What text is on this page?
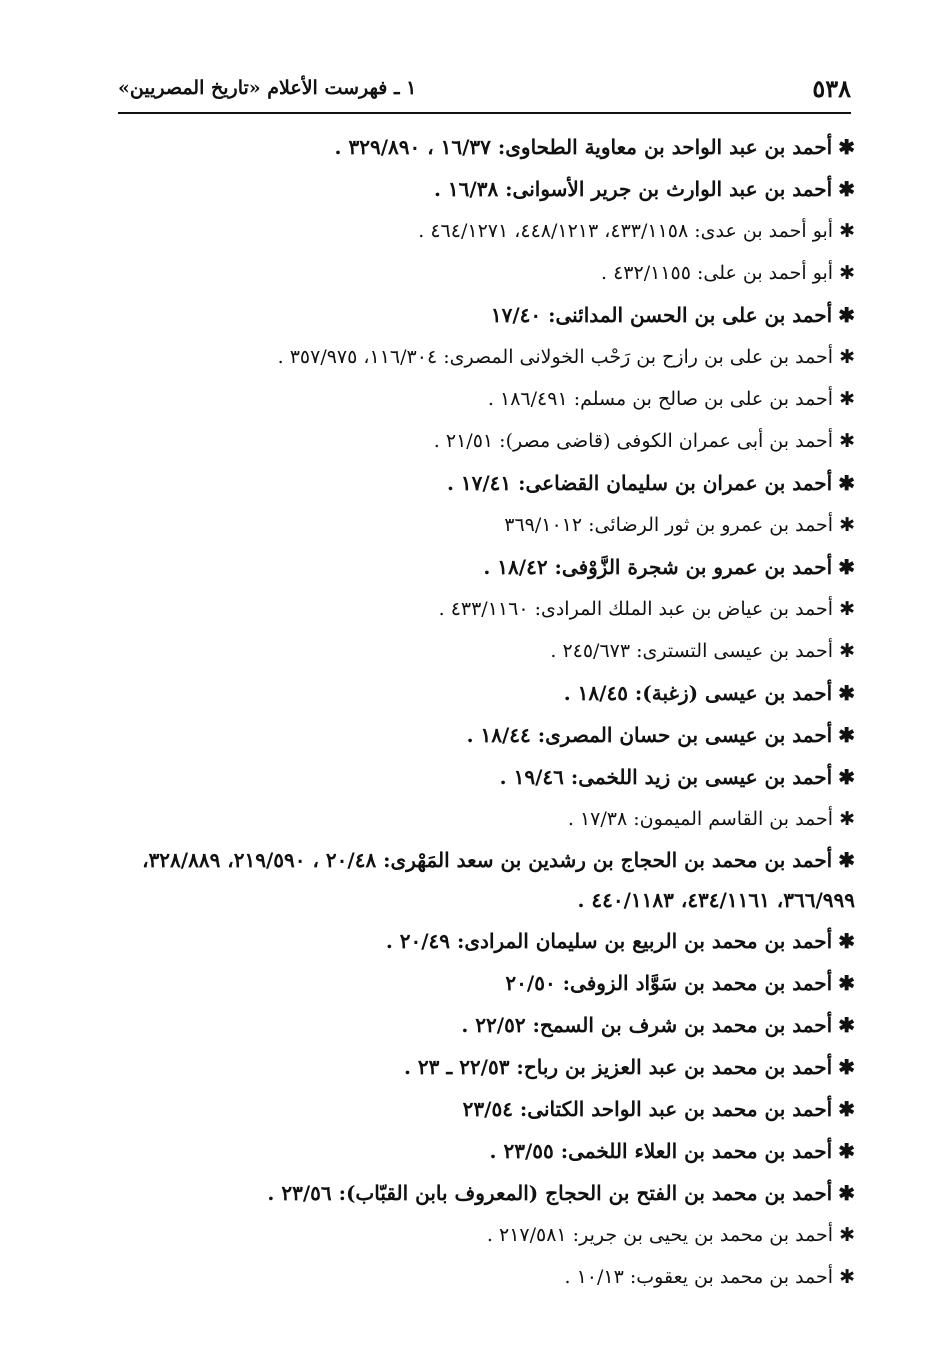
٥٣٨
١ ـ فهرست الأعلام «تاريخ المصريين»
✱أحمد بن عبد الواحد بن معاوية الطحاوى: ١٦/٣٧ ، ٣٢٩/٨٩٠ .
✱أحمد بن عبد الوارث بن جرير الأسوانى: ١٦/٣٨ .
✱أبو أحمد بن عدى: ٤٣٣/١١٥٨، ٤٤٨/١٢١٣، ٤٦٤/١٢٧١ .
✱أبو أحمد بن على: ٤٣٢/١١٥٥ .
✱أحمد بن على بن الحسن المدائنى: ١٧/٤٠
✱أحمد بن على بن رازح بن رَحْب الخولانى المصرى: ١١٦/٣٠٤، ٣٥٧/٩٧٥ .
✱أحمد بن على بن صالح بن مسلم: ١٨٦/٤٩١ .
✱أحمد بن أبى عمران الكوفى (قاضى مصر): ٢١/٥١ .
✱أحمد بن عمران بن سليمان القضاعى: ١٧/٤١ .
✱أحمد بن عمرو بن ثور الرضائى: ٣٦٩/١٠١٢
✱أحمد بن عمرو بن شجرة الزَّوْفى: ١٨/٤٢ .
✱أحمد بن عياض بن عبد الملك المرادى: ٤٣٣/١١٦٠ .
✱أحمد بن عيسى التسترى: ٢٤٥/٦٧٣ .
✱أحمد بن عيسى (زغبة): ١٨/٤٥ .
✱أحمد بن عيسى بن حسان المصرى: ١٨/٤٤ .
✱أحمد بن عيسى بن زيد اللخمى: ١٩/٤٦ .
✱أحمد بن القاسم الميمون: ١٧/٣٨ .
✱أحمد بن محمد بن الحجاج بن رشدين بن سعد المَهْرى: ٢٠/٤٨ ، ٢١٩/٥٩٠، ٣٢٨/٨٨٩، ٣٦٦/٩٩٩، ٤٣٤/١١٦١، ٤٤٠/١١٨٣ .
✱أحمد بن محمد بن الربيع بن سليمان المرادى: ٢٠/٤٩ .
✱أحمد بن محمد بن سَوَّاد الزوفى: ٢٠/٥٠
✱أحمد بن محمد بن شرف بن السمح: ٢٢/٥٢ .
✱أحمد بن محمد بن عبد العزيز بن رباح: ٢٢/٥٣ ـ ٢٣ .
✱أحمد بن محمد بن عبد الواحد الكتانى: ٢٣/٥٤
✱أحمد بن محمد بن العلاء اللخمى: ٢٣/٥٥ .
✱أحمد بن محمد بن الفتح بن الحجاج (المعروف بابن القبّاب): ٢٣/٥٦ .
✱أحمد بن محمد بن يحيى بن جرير: ٢١٧/٥٨١ .
✱أحمد بن محمد بن يعقوب: ١٠/١٣ .
